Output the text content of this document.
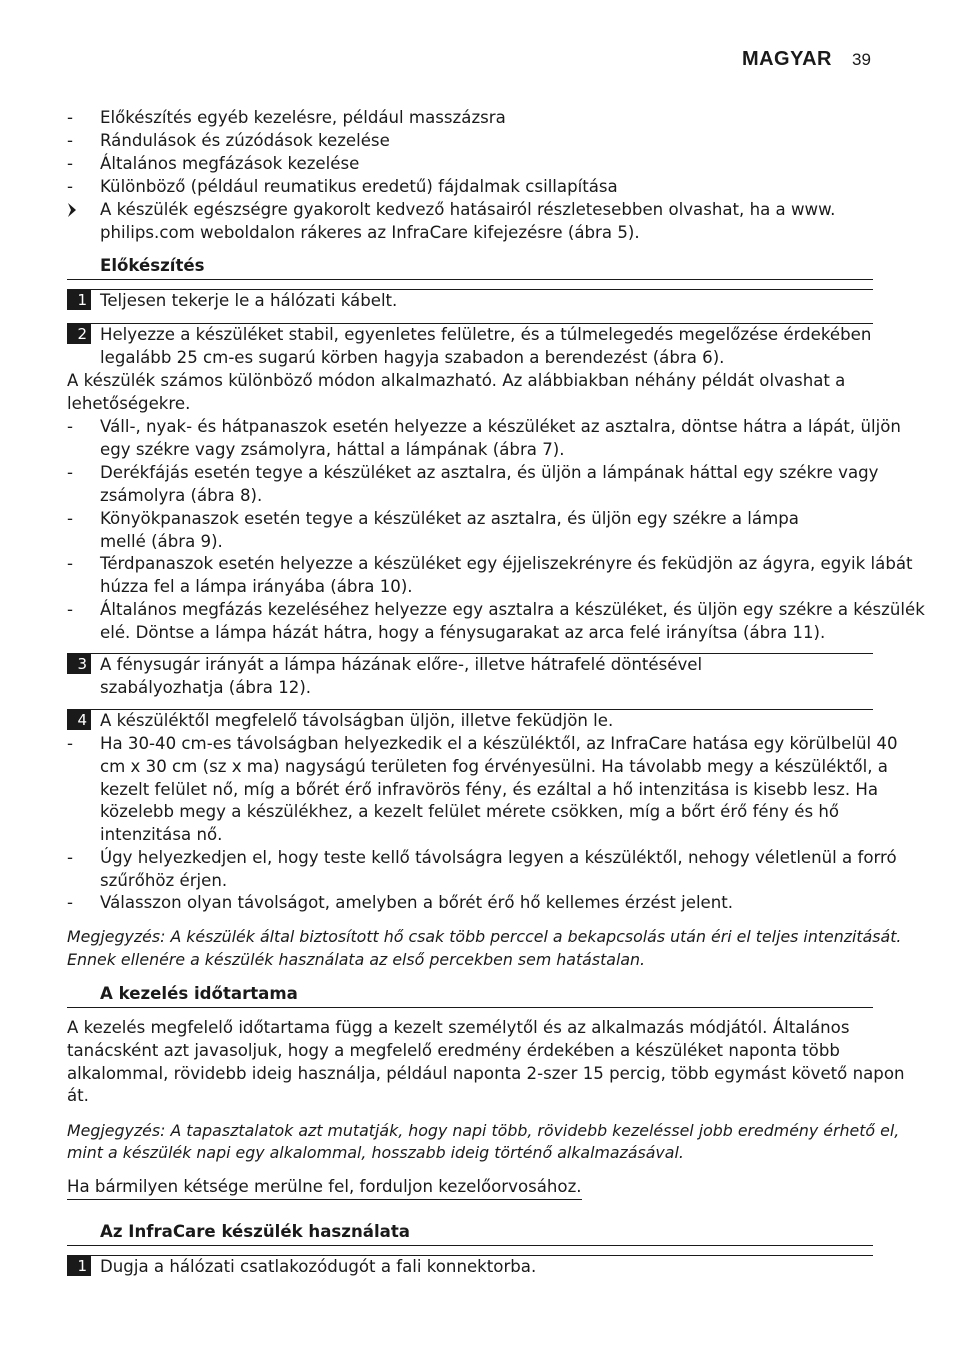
MAGYAR 39
-	Előkészítés egyéb kezelésre, például masszázsra
-	Rándulások és zúzódások kezelése
-	Általános megfázások kezelése
-	Különböző (például reumatikus eredetű) fájdalmak csillapítása
A készülék egészségre gyakorolt kedvező hatásairól részletesebben olvashat, ha a www.
philips.com weboldalon rákeres az InfraCare kifejezésre (ábra 5).
Előkészítés
1 Teljesen tekerje le a hálózati kábelt.
2 Helyezze a készüléket stabil, egyenletes felületre, és a túlmelegedés megelőzése érdekében
legalább 25 cm-es sugarú körben hagyja szabadon a berendezést (ábra 6).
A készülék számos különböző módon alkalmazható. Az alábbiakban néhány példát olvashat a
lehetőségekre.
-	Váll-, nyak- és hátpanaszok esetén helyezze a készüléket az asztalra, döntse hátra a lápát, üljön
egy székre vagy zsámolyra, háttal a lámpának (ábra 7).
-	Derékfájás esetén tegye a készüléket az asztalra, és üljön a lámpának háttal egy székre vagy
zsámolyra (ábra 8).
-	Könyökpanaszok esetén tegye a készüléket az asztalra, és üljön egy székre a lámpa
mellé (ábra 9).
-	Térdpanaszok esetén helyezze a készüléket egy éjjeliszekrényre és feküdjön az ágyra, egyik lábát
húzza fel a lámpa irányába (ábra 10).
-	Általános megfázás kezeléséhez helyezze egy asztalra a készüléket, és üljön egy székre a készülék
elé. Döntse a lámpa házát hátra, hogy a fénysugarakat az arca felé irányítsa (ábra 11).
3 A fénysugár irányát a lámpa házának előre-, illetve hátrafelé döntésével
szabályozhatja (ábra 12).
4 A készüléktől megfelelő távolságban üljön, illetve feküdjön le.
-	Ha 30-40 cm-es távolságban helyezkedik el a készüléktől, az InfraCare hatása egy körülbelül 40
cm x 30 cm (sz x ma) nagyságú területen fog érvényesülni. Ha távolabb megy a készüléktől, a
kezelt felület nő, míg a bőrét érő infravörös fény, és ezáltal a hő intenzitása is kisebb lesz. Ha
közelebb megy a készülékhez, a kezelt felület mérete csökken, míg a bőrt érő fény és hő
intenzitása nő.
-	Úgy helyezkedjen el, hogy teste kellő távolságra legyen a készüléktől, nehogy véletlenül a forró
szűrőhöz érjen.
-	Válasszon olyan távolságot, amelyben a bőrét érő hő kellemes érzést jelent.
Megjegyzés: A készülék által biztosított hő csak több perccel a bekapcsolás után éri el teljes intenzitását.
Ennek ellenére a készülék használata az első percekben sem hatástalan.
A kezelés időtartama
A kezelés megfelelő időtartama függ a kezelt személytől és az alkalmazás módjától. Általános
tanácsként azt javasoljuk, hogy a megfelelő eredmény érdekében a készüléket naponta több
alkalommal, rövidebb ideig használja, például naponta 2-szer 15 percig, több egymást követő napon
át.
Megjegyzés: A tapasztalatok azt mutatják, hogy napi több, rövidebb kezeléssel jobb eredmény érhető el,
mint a készülék napi egy alkalommal, hosszabb ideig történő alkalmazásával.
Ha bármilyen kétsége merülne fel, forduljon kezelőorvosához.
Az InfraCare készülék használata
1 Dugja a hálózati csatlakozódugót a fali konnektorba.
